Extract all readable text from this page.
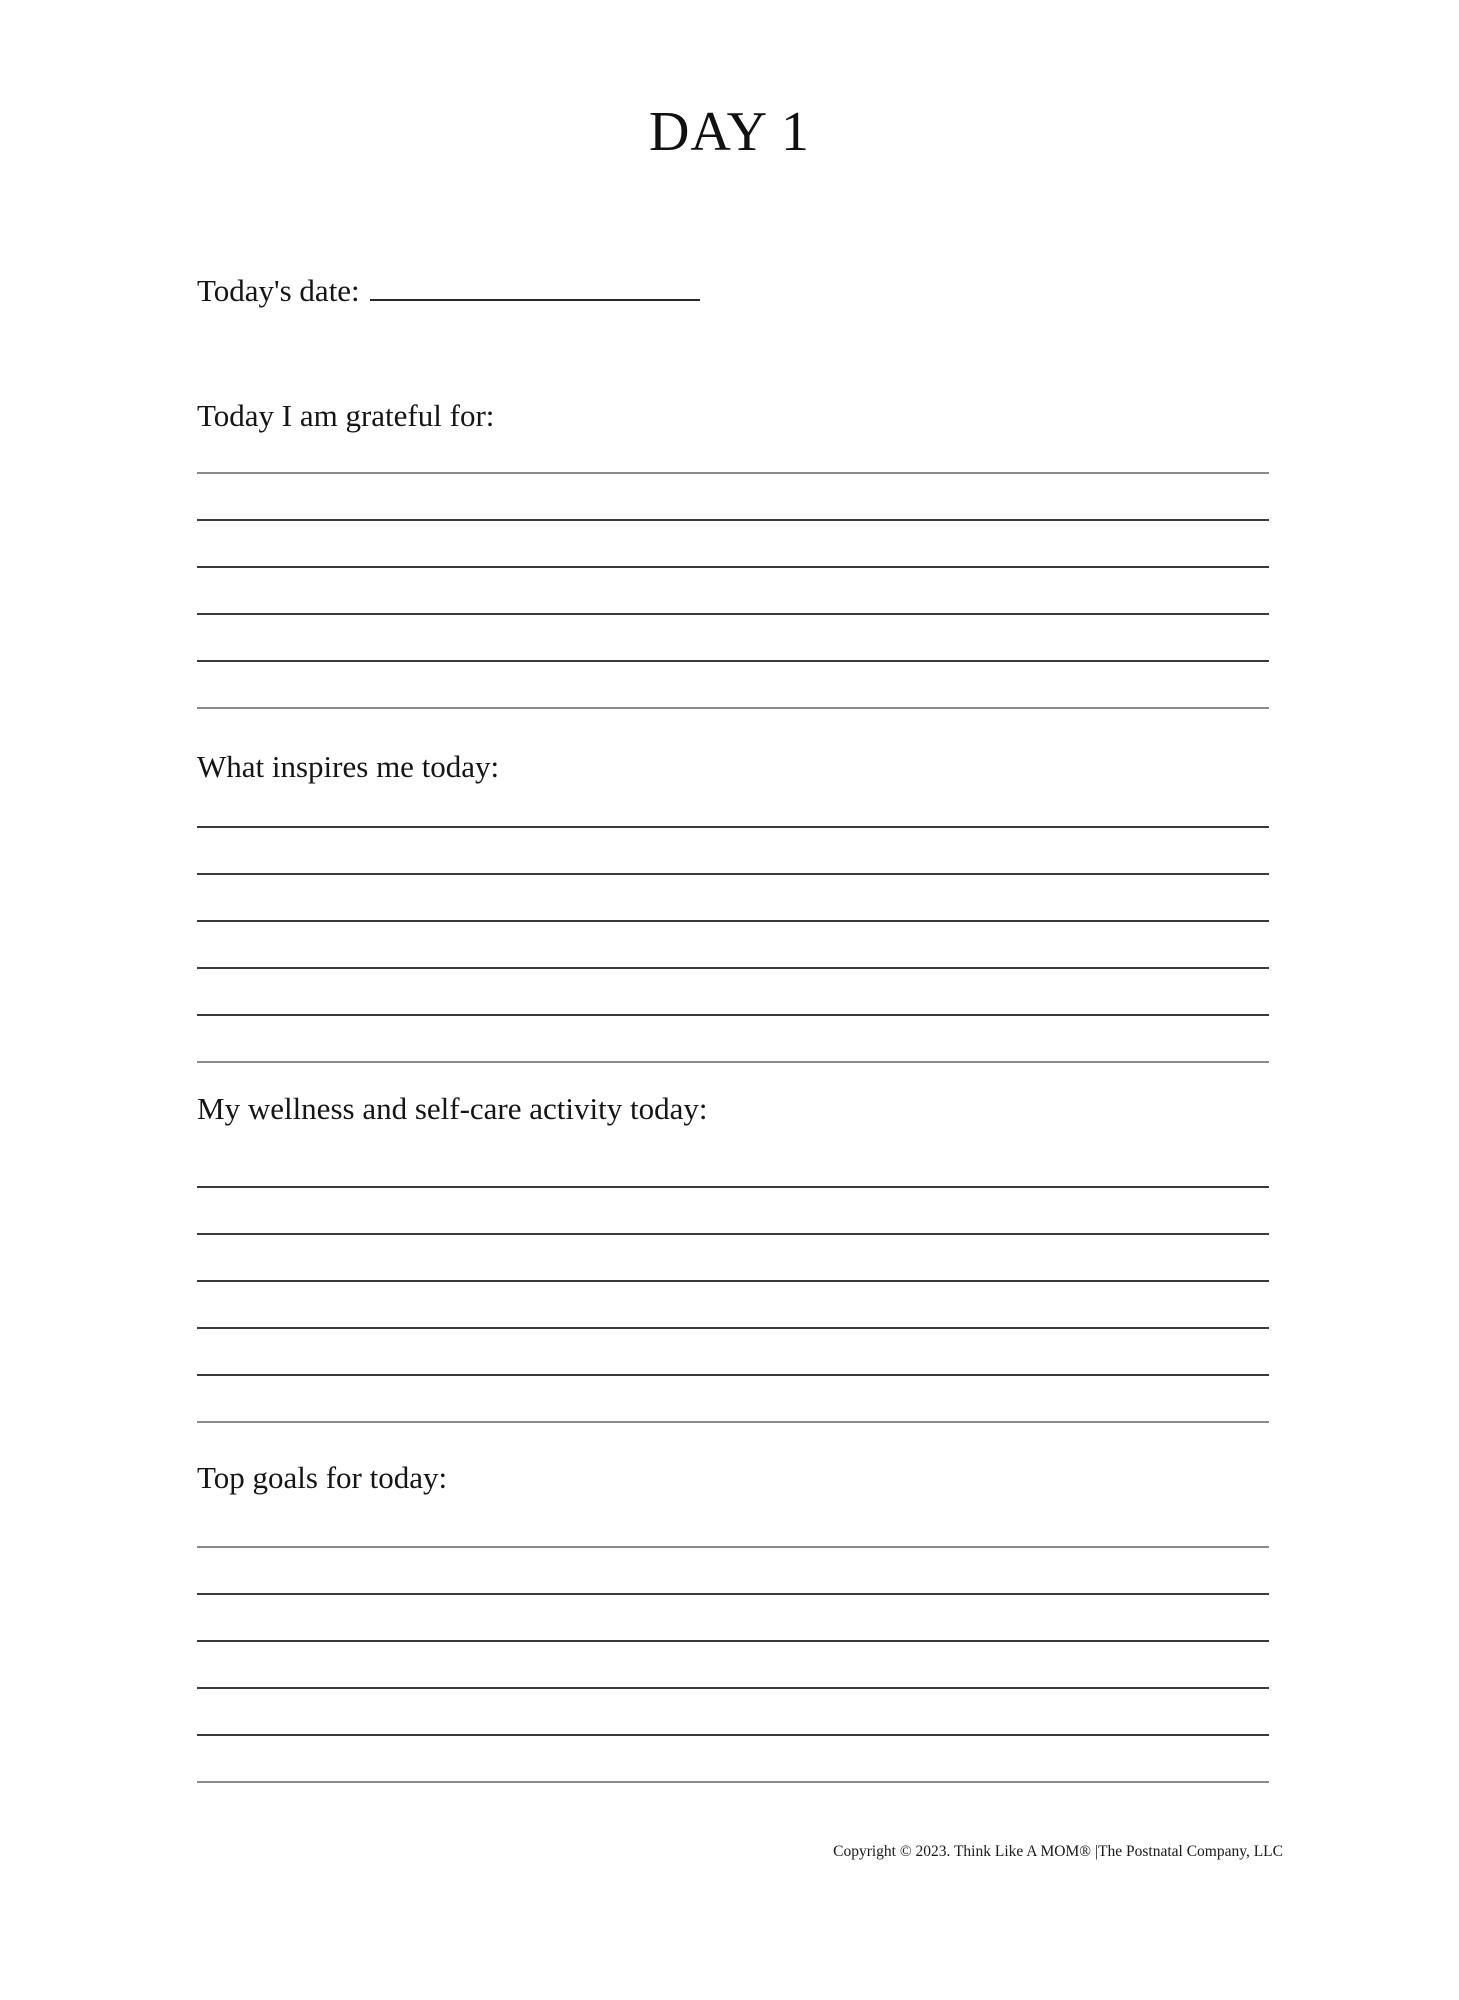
DAY 1
Today's date:
Today I am grateful for:
What inspires me today:
My wellness and self-care activity today:
Top goals for today:
Copyright © 2023. Think Like A MOM® |The Postnatal Company, LLC
